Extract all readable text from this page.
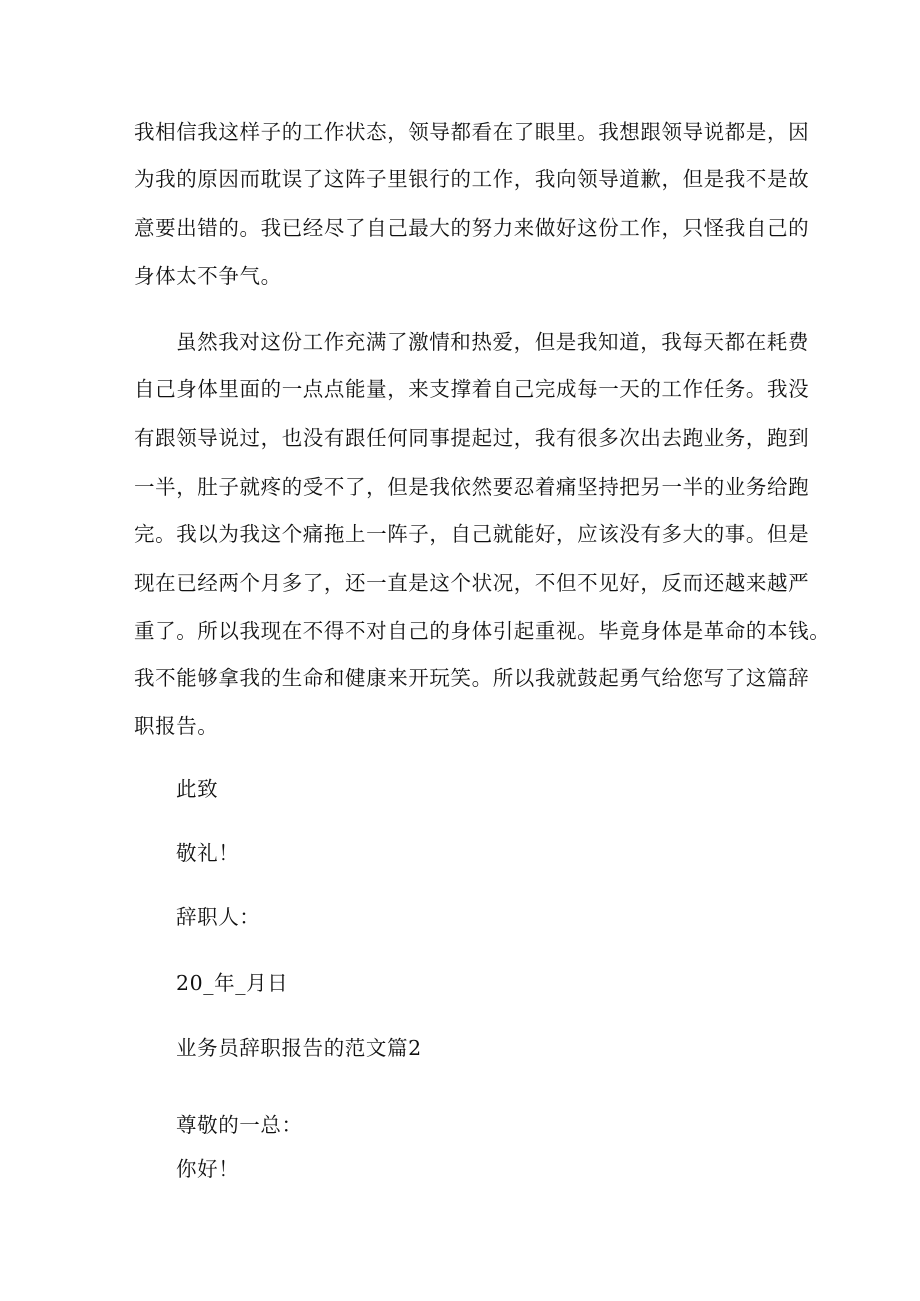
我相信我这样子的工作状态，领导都看在了眼里。我想跟领导说都是，因
为我的原因而耽误了这阵子里银行的工作，我向领导道歉，但是我不是故
意要出错的。我已经尽了自己最大的努力来做好这份工作，只怪我自己的
身体太不争气。
虽然我对这份工作充满了激情和热爱，但是我知道，我每天都在耗费
自己身体里面的一点点能量，来支撑着自己完成每一天的工作任务。我没
有跟领导说过，也没有跟任何同事提起过，我有很多次出去跑业务，跑到
一半，肚子就疼的受不了，但是我依然要忍着痛坚持把另一半的业务给跑
完。我以为我这个痛拖上一阵子，自己就能好，应该没有多大的事。但是
现在已经两个月多了，还一直是这个状况，不但不见好，反而还越来越严
重了。所以我现在不得不对自己的身体引起重视。毕竟身体是革命的本钱。
我不能够拿我的生命和健康来开玩笑。所以我就鼓起勇气给您写了这篇辞
职报告。
此致
敬礼！
辞职人：
20_年_月日
业务员辞职报告的范文篇2
尊敬的一总：
你好！
